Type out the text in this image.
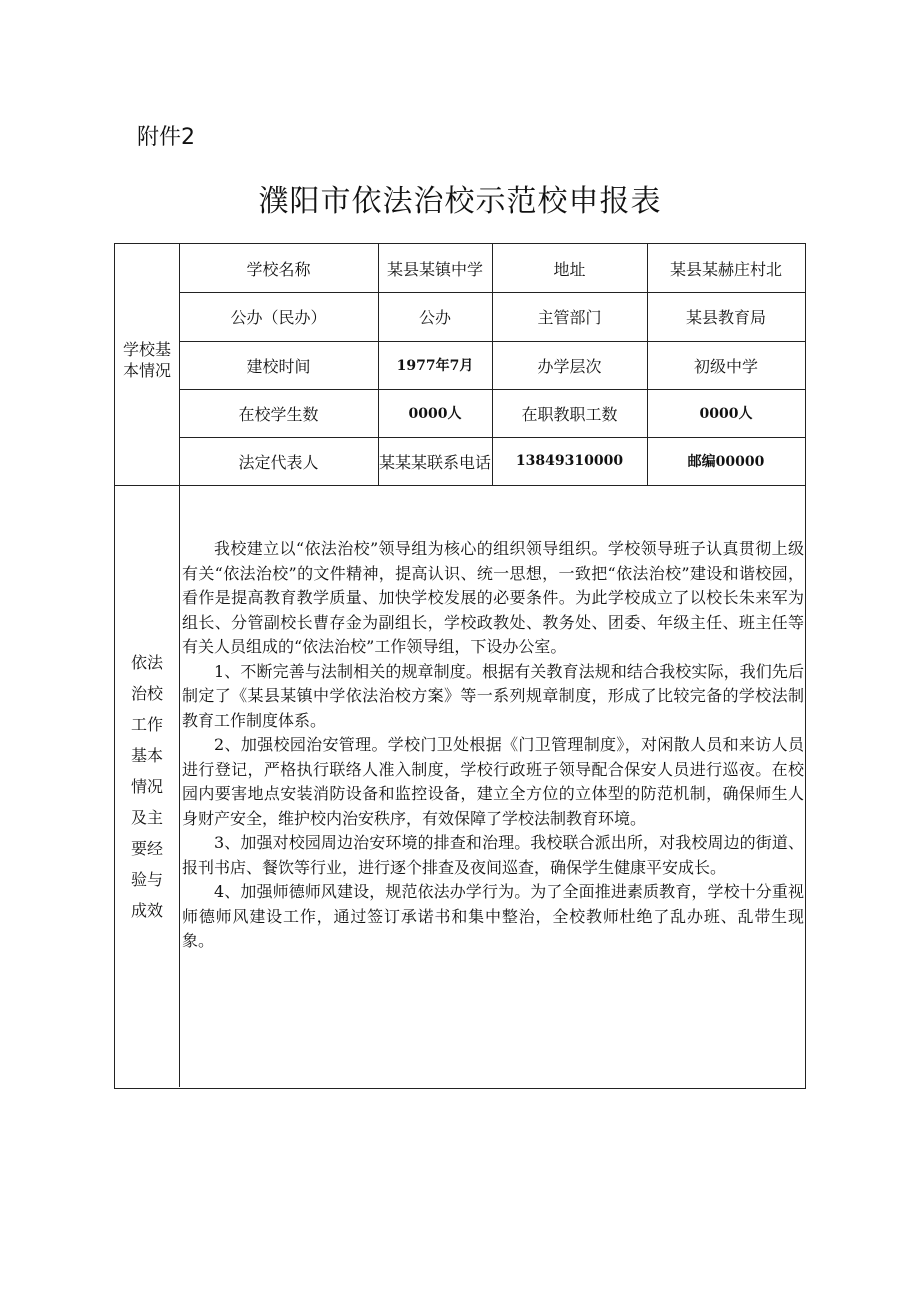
附件2
濮阳市依法治校示范校申报表
学校基
本情况
学校名称	某县某镇中学	地址	某县某赫庄村北
公办（民办）	公办	主管部门	某县教育局
建校时间	1977年7月	办学层次	初级中学
在校学生数	0000人	在职教职工数	0000人
法定代表人	某某某联系电话	13849310000	邮编00000
依法
治校
工作
基本
情况
及主
要经
验与
成效

我校建立以“依法治校”领导组为核心的组织领导组织。学校领导班子认真贯彻上级有关“依法治校”的文件精神，提高认识、统一思想，一致把“依法治校”建设和谐校园，看作是提高教育教学质量、加快学校发展的必要条件。为此学校成立了以校长朱来军为组长、分管副校长曹存金为副组长，学校政教处、教务处、团委、年级主任、班主任等有关人员组成的“依法治校”工作领导组，下设办公室。

1、不断完善与法制相关的规章制度。根据有关教育法规和结合我校实际，我们先后制定了《某县某镇中学依法治校方案》等一系列规章制度，形成了比较完备的学校法制教育工作制度体系。

2、加强校园治安管理。学校门卫处根据《门卫管理制度》，对闲散人员和来访人员进行登记，严格执行联络人准入制度，学校行政班子领导配合保安人员进行巡夜。在校园内要害地点安装消防设备和监控设备，建立全方位的立体型的防范机制，确保师生人身财产安全，维护校内治安秩序，有效保障了学校法制教育环境。

3、加强对校园周边治安环境的排查和治理。我校联合派出所，对我校周边的街道、报刊书店、餐饮等行业，进行逐个排查及夜间巡查，确保学生健康平安成长。

4、加强师德师风建设，规范依法办学行为。为了全面推进素质教育，学校十分重视师德师风建设工作，通过签订承诺书和集中整治，全校教师杜绝了乱办班、乱带生现象。
